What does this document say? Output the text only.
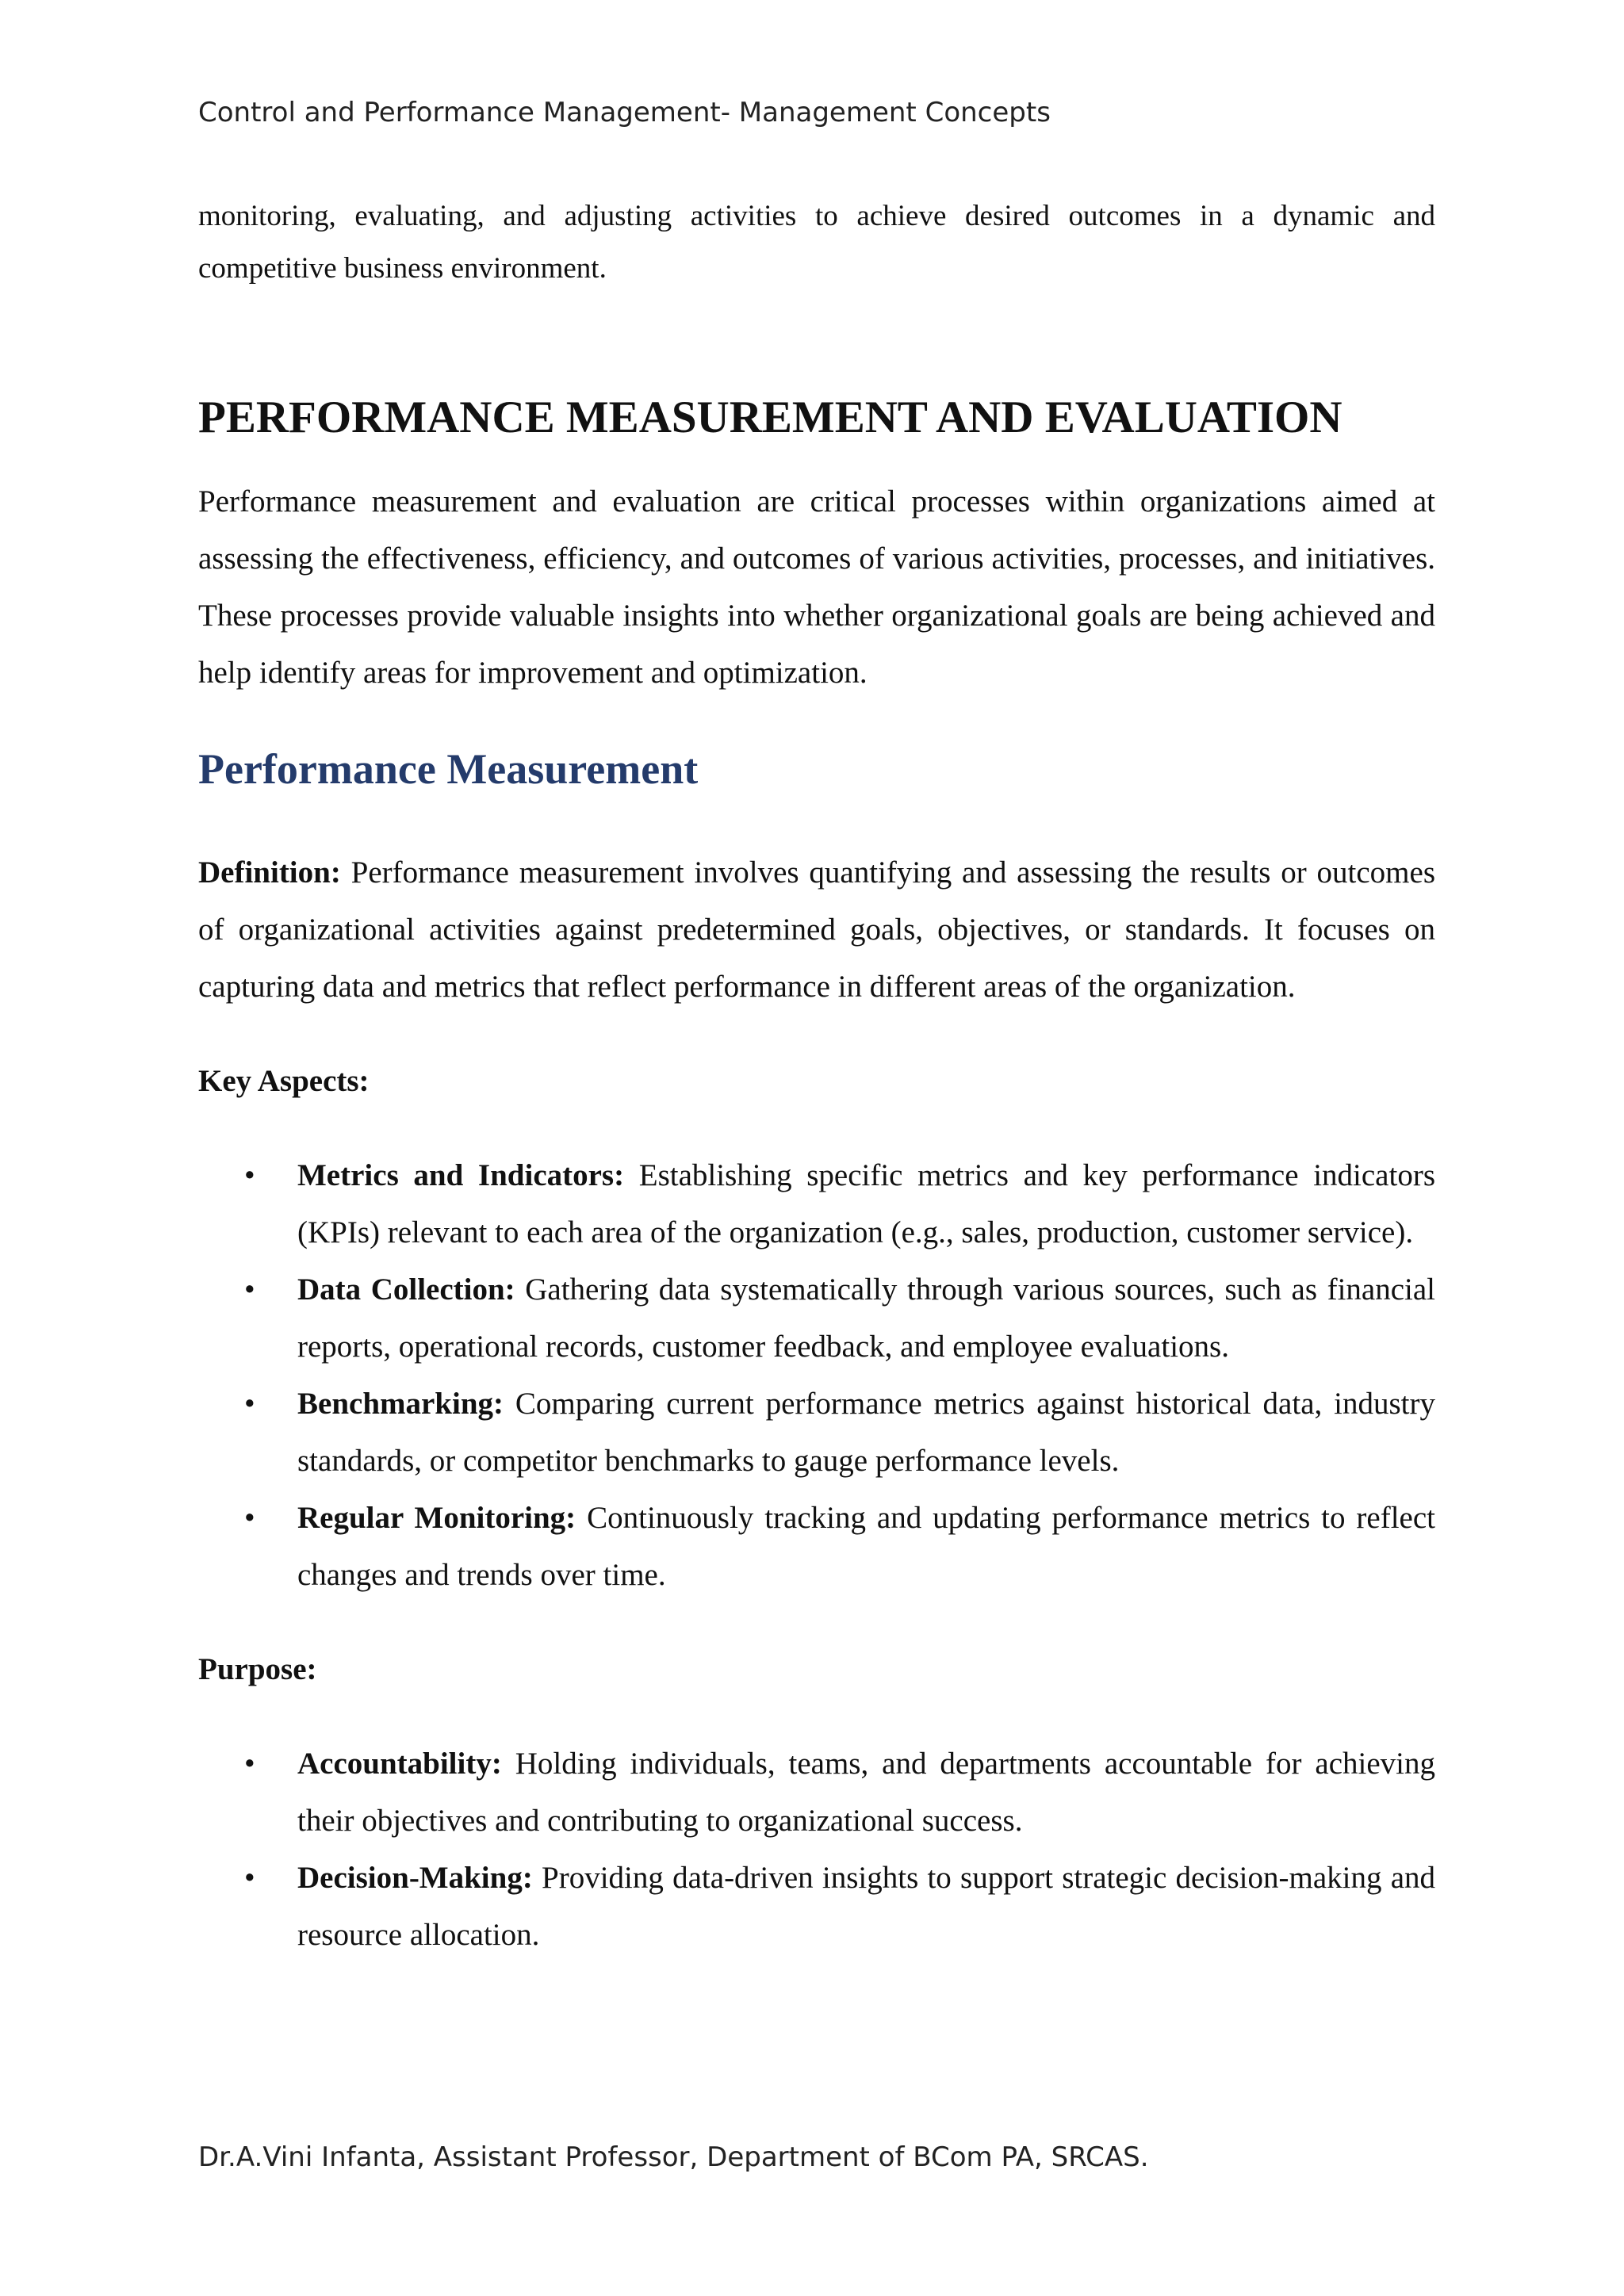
Control and Performance Management- Management Concepts

monitoring, evaluating, and adjusting activities to achieve desired outcomes in a dynamic and competitive business environment.

PERFORMANCE MEASUREMENT AND EVALUATION

Performance measurement and evaluation are critical processes within organizations aimed at assessing the effectiveness, efficiency, and outcomes of various activities, processes, and initiatives. These processes provide valuable insights into whether organizational goals are being achieved and help identify areas for improvement and optimization.

Performance Measurement

Definition: Performance measurement involves quantifying and assessing the results or outcomes of organizational activities against predetermined goals, objectives, or standards. It focuses on capturing data and metrics that reflect performance in different areas of the organization.

Key Aspects:

• Metrics and Indicators: Establishing specific metrics and key performance indicators (KPIs) relevant to each area of the organization (e.g., sales, production, customer service).
• Data Collection: Gathering data systematically through various sources, such as financial reports, operational records, customer feedback, and employee evaluations.
• Benchmarking: Comparing current performance metrics against historical data, industry standards, or competitor benchmarks to gauge performance levels.
• Regular Monitoring: Continuously tracking and updating performance metrics to reflect changes and trends over time.

Purpose:

• Accountability: Holding individuals, teams, and departments accountable for achieving their objectives and contributing to organizational success.
• Decision-Making: Providing data-driven insights to support strategic decision-making and resource allocation.
Dr.A.Vini Infanta, Assistant Professor, Department of BCom PA, SRCAS.
